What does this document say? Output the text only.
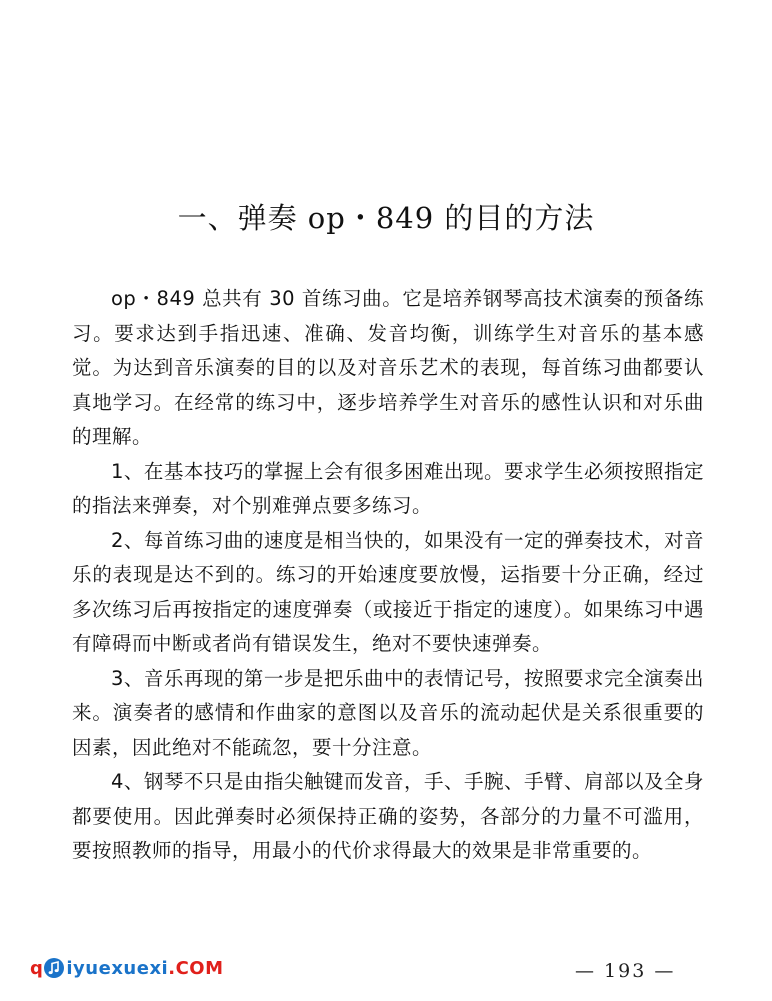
一、弹奏 op・849 的目的方法

op・849 总共有 30 首练习曲。它是培养钢琴高技术演奏的预备练习。要求达到手指迅速、准确、发音均衡，训练学生对音乐的基本感觉。为达到音乐演奏的目的以及对音乐艺术的表现，每首练习曲都要认真地学习。在经常的练习中，逐步培养学生对音乐的感性认识和对乐曲的理解。

1、在基本技巧的掌握上会有很多困难出现。要求学生必须按照指定的指法来弹奏，对个别难弹点要多练习。

2、每首练习曲的速度是相当快的，如果没有一定的弹奏技术，对音乐的表现是达不到的。练习的开始速度要放慢，运指要十分正确，经过多次练习后再按指定的速度弹奏（或接近于指定的速度）。如果练习中遇有障碍而中断或者尚有错误发生，绝对不要快速弹奏。

3、音乐再现的第一步是把乐曲中的表情记号，按照要求完全演奏出来。演奏者的感情和作曲家的意图以及音乐的流动起伏是关系很重要的因素，因此绝对不能疏忽，要十分注意。

4、钢琴不只是由指尖触键而发音，手、手腕、手臂、肩部以及全身都要使用。因此弹奏时必须保持正确的姿势，各部分的力量不可滥用，要按照教师的指导，用最小的代价求得最大的效果是非常重要的。

q iyuexuexi .COM	— 193 —
